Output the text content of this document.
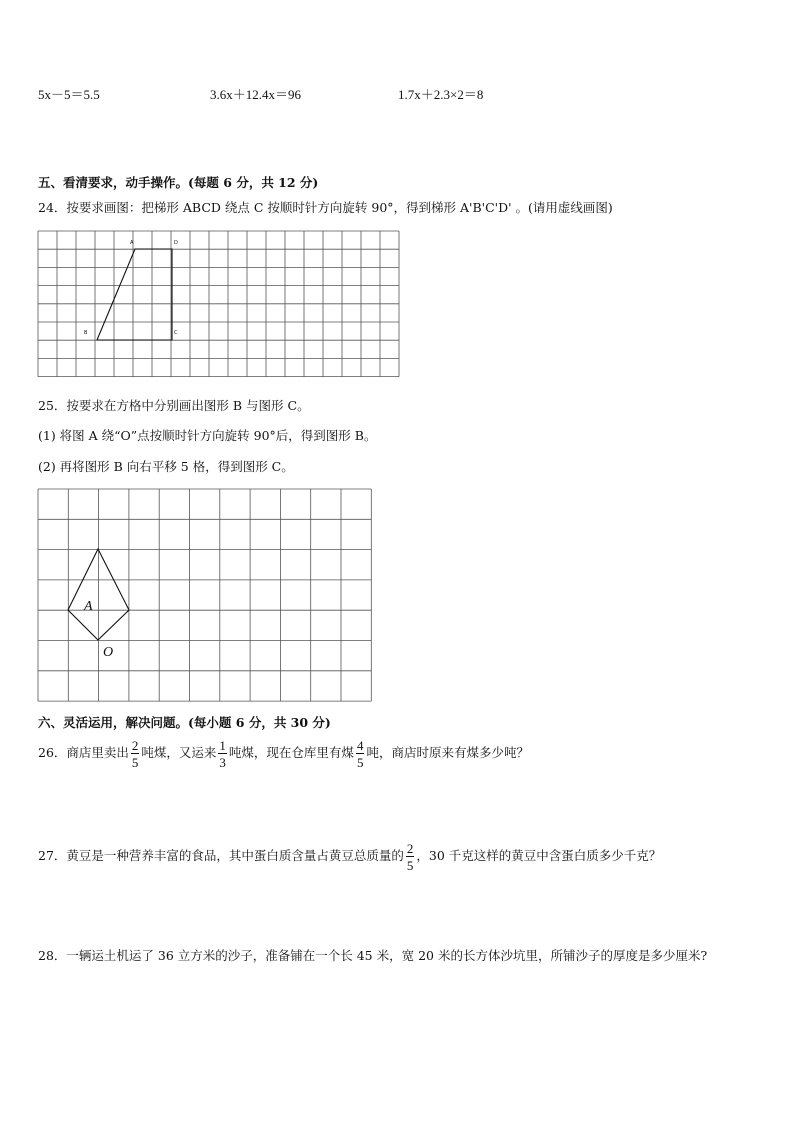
5x－5＝5.5	3.6x＋12.4x＝96	1.7x＋2.3×2＝8
五、看清要求，动手操作。(每题 6 分，共 12 分)
24．按要求画图：把梯形 ABCD 绕点 C 按顺时针方向旋转 90°，得到梯形 A'B'C'D' 。(请用虚线画图)
A	D
B	C
25．按要求在方格中分别画出图形 B 与图形 C。
(1) 将图 A 绕“O”点按顺时针方向旋转 90°后，得到图形 B。
(2) 再将图形 B 向右平移 5 格，得到图形 C。
A
O
六、灵活运用，解决问题。(每小题 6 分，共 30 分)
26．商店里卖出 $\frac{2}{5}$ 吨煤，又运来 $\frac{1}{3}$ 吨煤，现在仓库里有煤 $\frac{4}{5}$ 吨，商店时原来有煤多少吨？
27．黄豆是一种营养丰富的食品，其中蛋白质含量占黄豆总质量的 $\frac{2}{5}$ ，30 千克这样的黄豆中含蛋白质多少千克？
28．一辆运土机运了 36 立方米的沙子，准备铺在一个长 45 米，宽 20 米的长方体沙坑里，所铺沙子的厚度是多少厘米?
